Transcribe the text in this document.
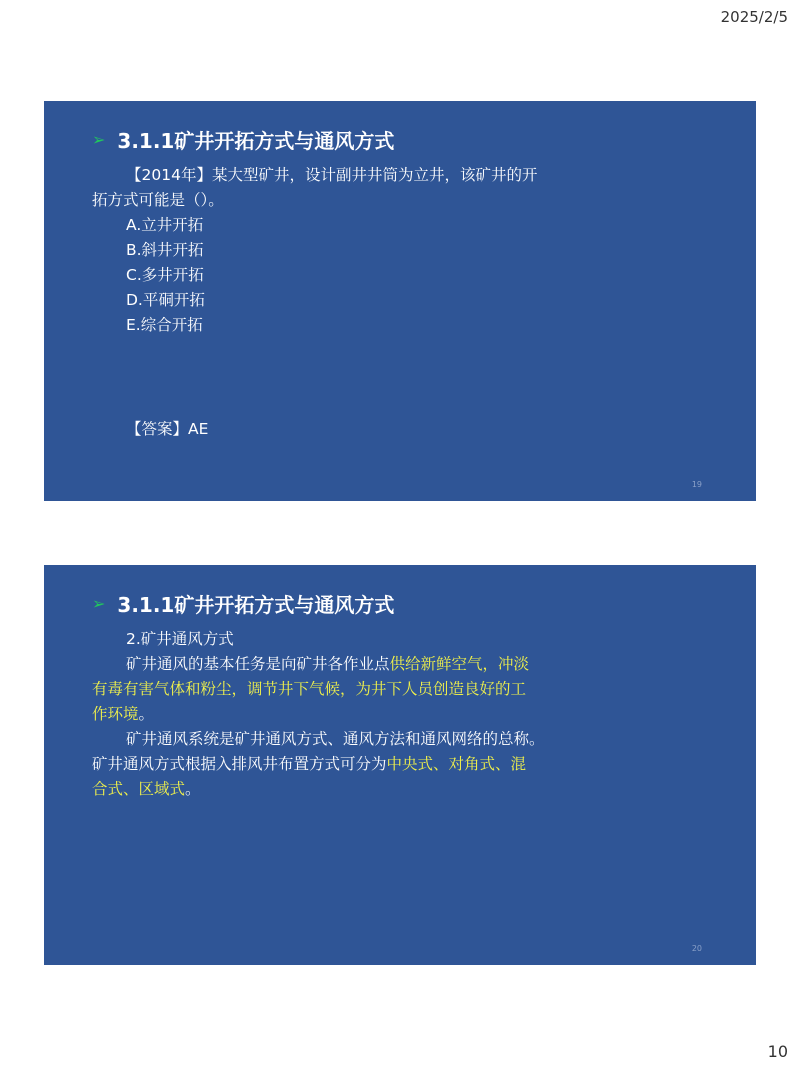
2025/2/5
➢ 3.1.1矿井开拓方式与通风方式

【2014年】某大型矿井，设计副井井筒为立井，该矿井的开

拓方式可能是（）。

A.立井开拓

B.斜井开拓

C.多井开拓

D.平硐开拓

E.综合开拓

【答案】AE
19
➢ 3.1.1矿井开拓方式与通风方式

2.矿井通风方式

矿井通风的基本任务是向矿井各作业点供给新鲜空气，冲淡

有毒有害气体和粉尘，调节井下气候，为井下人员创造良好的工

作环境。

矿井通风系统是矿井通风方式、通风方法和通风网络的总称。

矿井通风方式根据入排风井布置方式可分为中央式、对角式、混

合式、区域式。

20
10
